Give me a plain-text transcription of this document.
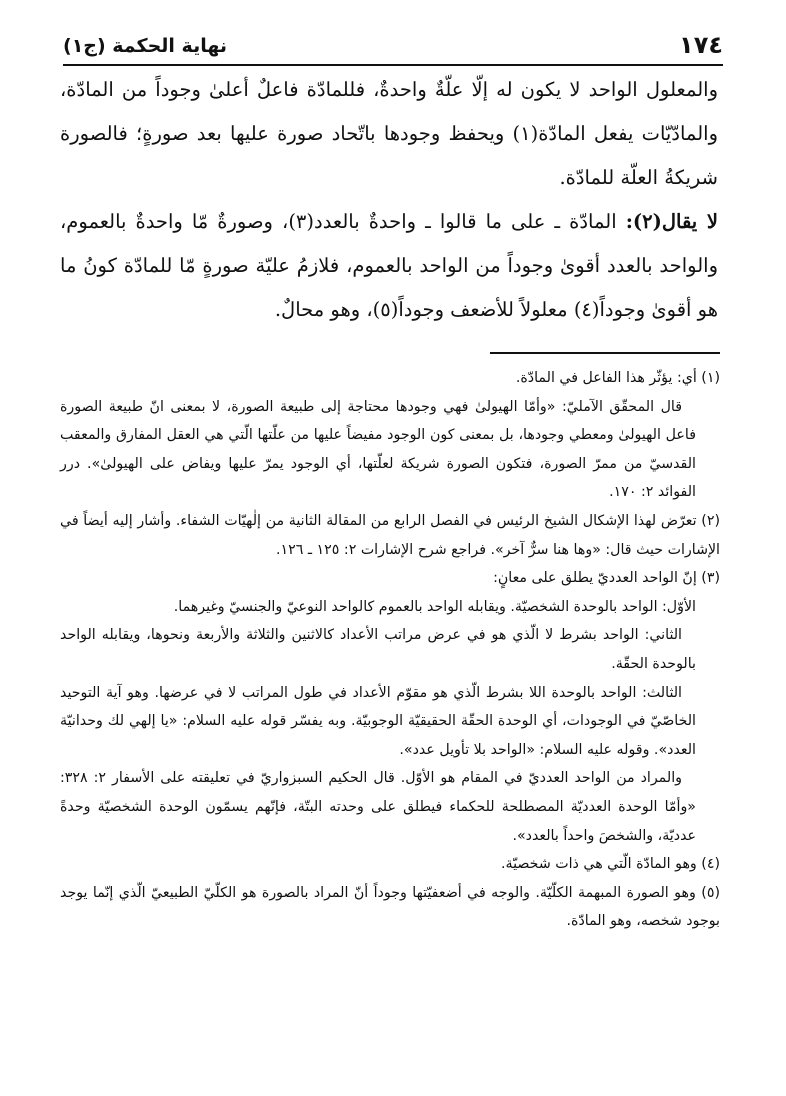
١٧٤
نهاية الحكمة (ج١)

والمعلول الواحد لا يكون له إلّا علّةٌ واحدةٌ، فللمادّة فاعلٌ أعلىٰ وجوداً من المادّة، والمادّيّات يفعل المادّة(١) ويحفظ وجودها باتّحاد صورة عليها بعد صورةٍ؛ فالصورة شريكةُ العلّة للمادّة.

لا يقال(٢): المادّة ـ على ما قالوا ـ واحدةٌ بالعدد(٣)، وصورةٌ مّا واحدةٌ بالعموم، والواحد بالعدد أقوىٰ وجوداً من الواحد بالعموم، فلازمُ عليّة صورةٍ مّا للمادّة كونُ ما هو أقوىٰ وجوداً(٤) معلولاً للأضعف وجوداً(٥)، وهو محالٌ.

(١) أي: يؤثّر هذا الفاعل في المادّة.

قال المحقّق الآمليّ: «وأمّا الهيولىٰ فهي وجودها محتاجة إلى طبيعة الصورة، لا بمعنى انّ طبيعة الصورة فاعل الهيولىٰ ومعطي وجودها، بل بمعنى كون الوجود مفيضاً عليها من علّتها الّتي هي العقل المفارق والمعقب القدسيّ من ممرّ الصورة، فتكون الصورة شريكة لعلّتها، أي الوجود يمرّ عليها ويفاض على الهيولىٰ». درر الفوائد ٢: ١٧٠.

(٢) تعرّض لهذا الإشكال الشيخ الرئيس في الفصل الرابع من المقالة الثانية من إلٰهيّات الشفاء. وأشار إليه أيضاً في الإشارات حيث قال: «وها هنا سرٌّ آخر». فراجع شرح الإشارات ٢: ١٢٥ ـ ١٢٦.

(٣) إنّ الواحد العدديّ يطلق على معانٍ:

الأوّل: الواحد بالوحدة الشخصيّة. ويقابله الواحد بالعموم كالواحد النوعيّ والجنسيّ وغيرهما.

الثاني: الواحد بشرط لا الّذي هو في عرض مراتب الأعداد كالاثنين والثلاثة والأربعة ونحوها، ويقابله الواحد بالوحدة الحقّة.

الثالث: الواحد بالوحدة اللا بشرط الّذي هو مقوّم الأعداد في طول المراتب لا في عرضها. وهو آية التوحيد الخاصّيّ في الوجودات، أي الوحدة الحقّة الحقيقيّة الوجوبيّة. وبه يفسّر قوله عليه السلام: «يا إلهي لك وحدانيّة العدد». وقوله عليه السلام: «الواحد بلا تأويل عدد».

والمراد من الواحد العدديّ في المقام هو الأوّل. قال الحكيم السبزواريّ في تعليقته على الأسفار ٢: ٣٢٨: «وأمّا الوحدة العدديّة المصطلحة للحكماء فيطلق على وحدته البتّة، فإنّهم يسمّون الوحدة الشخصيّة وحدةً عدديّة، والشخصَ واحداً بالعدد».

(٤) وهو المادّة الّتي هي ذات شخصيّة.

(٥) وهو الصورة المبهمة الكلّيّة. والوجه في أضعفيّتها وجوداً أنّ المراد بالصورة هو الكلّيّ الطبيعيّ الّذي إنّما يوجد بوجود شخصه، وهو المادّة.
